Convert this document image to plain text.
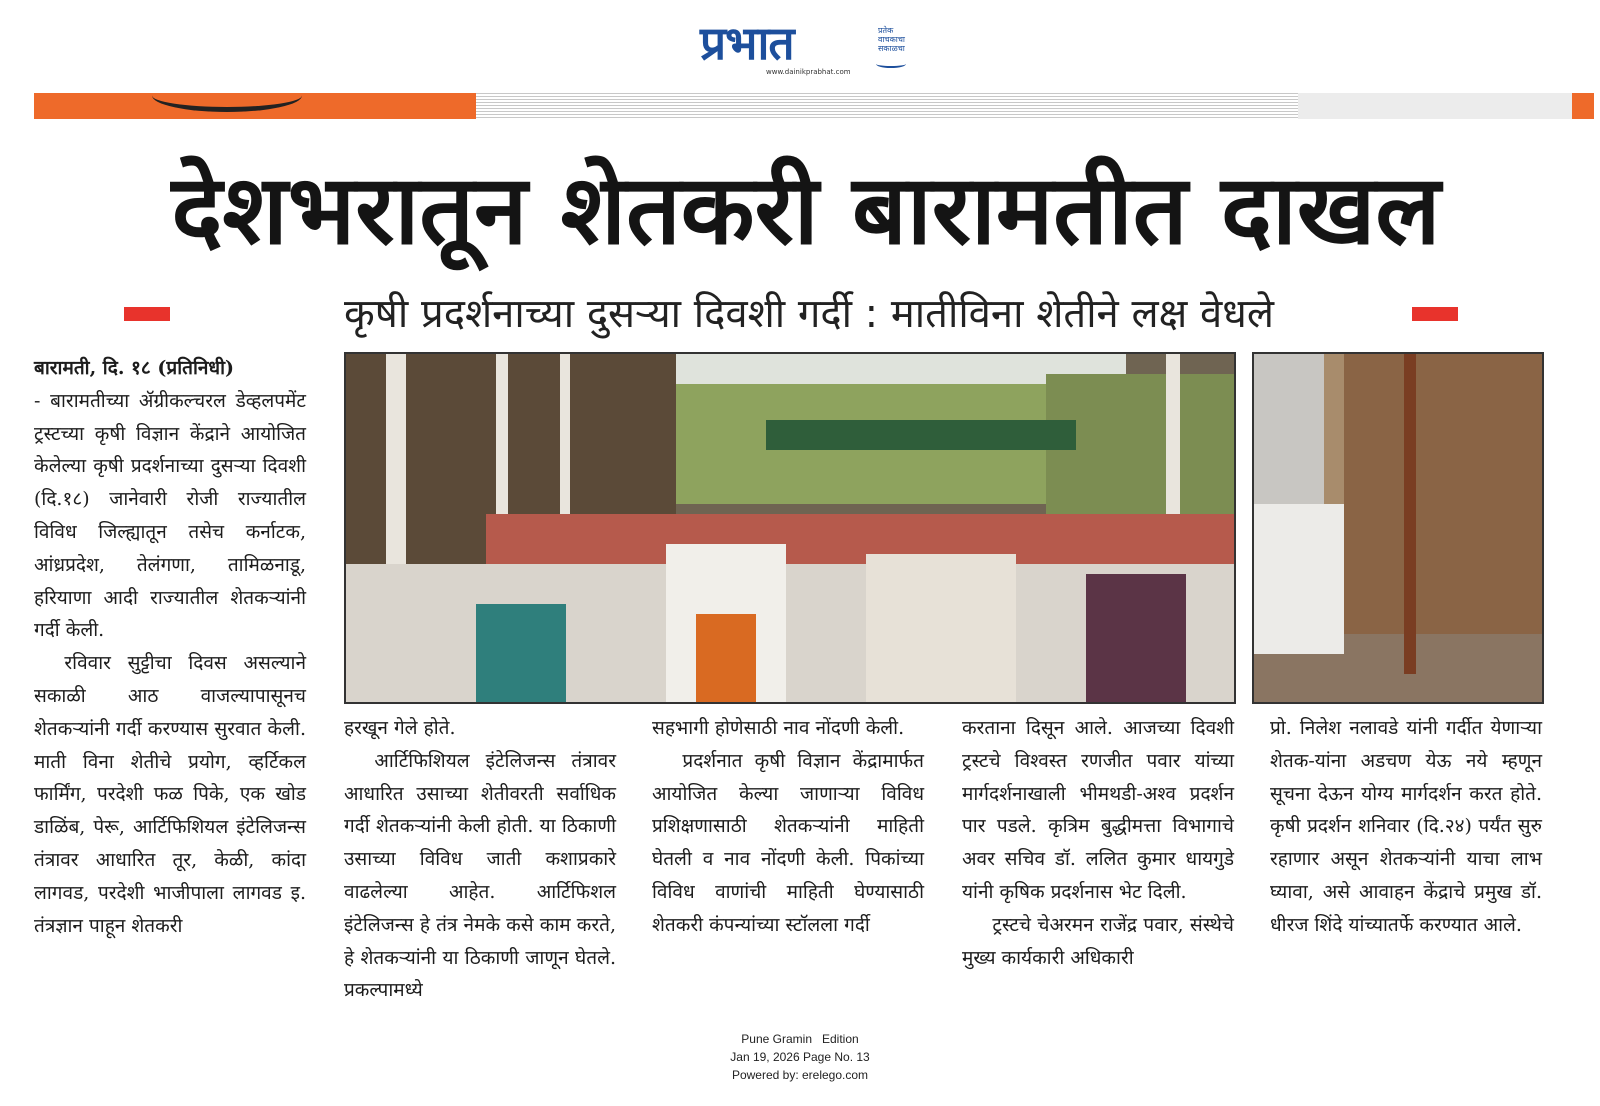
प्रभात	प्रतेक वाचकाचा सकाळचा
www.dainikprabhat.com
देशभरातून शेतकरी बारामतीत दाखल
कृषी प्रदर्शनाच्या दुसऱ्या दिवशी गर्दी : मातीविना शेतीने लक्ष वेधले

बारामती, दि. १८ (प्रतिनिधी)

- बारामतीच्या ॲग्रीकल्चरल डेव्हलपमेंट ट्रस्टच्या कृषी विज्ञान केंद्राने आयोजित केलेल्या कृषी प्रदर्शनाच्या दुसऱ्या दिवशी (दि.१८) जानेवारी रोजी राज्यातील विविध जिल्ह्यातून तसेच कर्नाटक, आंध्रप्रदेश, तेलंगणा, तामिळनाडू, हरियाणा आदी राज्यातील शेतकऱ्यांनी गर्दी केली.

रविवार सुट्टीचा दिवस असल्याने सकाळी आठ वाजल्यापासूनच शेतकऱ्यांनी गर्दी करण्यास सुरवात केली. माती विना शेतीचे प्रयोग, व्हर्टिकल फार्मिंग, परदेशी फळ पिके, एक खोड डाळिंब, पेरू, आर्टिफिशियल इंटेलिजन्स तंत्रावर आधारित तूर, केळी, कांदा लागवड, परदेशी भाजीपाला लागवड इ. तंत्रज्ञान पाहून शेतकरी

हरखून गेले होते.

आर्टिफिशियल इंटेलिजन्स तंत्रावर आधारित उसाच्या शेतीवरती सर्वाधिक गर्दी शेतकऱ्यांनी केली होती. या ठिकाणी उसाच्या विविध जाती कशाप्रकारे वाढलेल्या आहेत. आर्टिफिशल इंटेलिजन्स हे तंत्र नेमके कसे काम करते, हे शेतकऱ्यांनी या ठिकाणी जाणून घेतले. प्रकल्पामध्ये

सहभागी होणेसाठी नाव नोंदणी केली.

प्रदर्शनात कृषी विज्ञान केंद्रामार्फत आयोजित केल्या जाणाऱ्या विविध प्रशिक्षणासाठी शेतकऱ्यांनी माहिती घेतली व नाव नोंदणी केली. पिकांच्या विविध वाणांची माहिती घेण्यासाठी शेतकरी कंपन्यांच्या स्टॉलला गर्दी

करताना दिसून आले. आजच्या दिवशी ट्रस्टचे विश्वस्त रणजीत पवार यांच्या मार्गदर्शनाखाली भीमथडी-अश्व प्रदर्शन पार पडले. कृत्रिम बुद्धीमत्ता विभागाचे अवर सचिव डॉ. ललित कुमार धायगुडे यांनी कृषिक प्रदर्शनास भेट दिली.

ट्रस्टचे चेअरमन राजेंद्र पवार, संस्थेचे मुख्य कार्यकारी अधिकारी

प्रो. निलेश नलावडे यांनी गर्दीत येणाऱ्या शेतक-यांना अडचण येऊ नये म्हणून सूचना देऊन योग्य मार्गदर्शन करत होते. कृषी प्रदर्शन शनिवार (दि.२४) पर्यंत सुरु रहाणार असून शेतकऱ्यांनी याचा लाभ घ्यावा, असे आवाहन केंद्राचे प्रमुख डॉ. धीरज शिंदे यांच्यातर्फे करण्यात आले.

Pune Gramin   Edition
Jan 19, 2026 Page No. 13
Powered by: erelego.com
